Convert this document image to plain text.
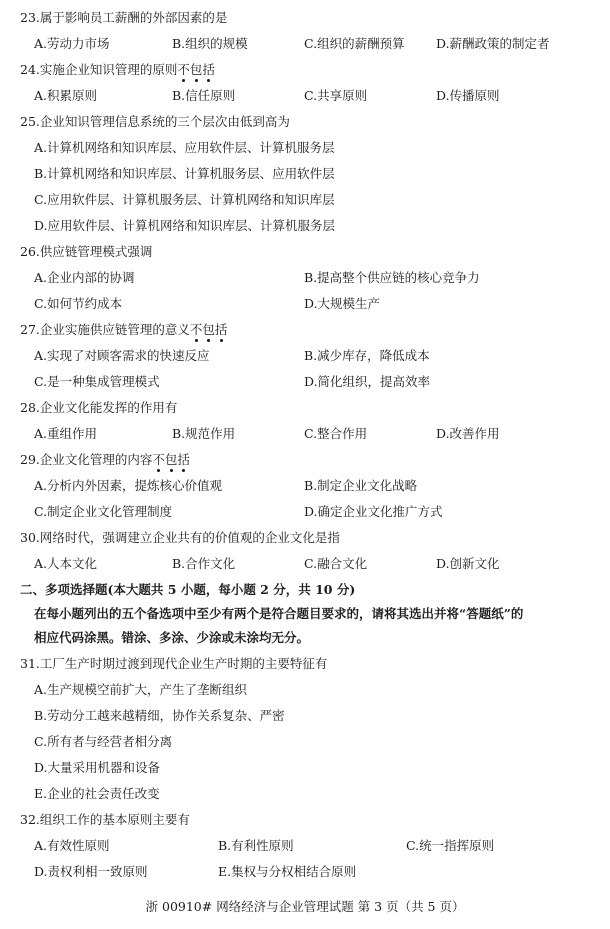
23.属于影响员工薪酬的外部因素的是
A.劳动力市场	B.组织的规模	C.组织的薪酬预算	D.薪酬政策的制定者
24.实施企业知识管理的原则不包括
A.积累原则	B.信任原则	C.共享原则	D.传播原则
25.企业知识管理信息系统的三个层次由低到高为
A.计算机网络和知识库层、应用软件层、计算机服务层
B.计算机网络和知识库层、计算机服务层、应用软件层
C.应用软件层、计算机服务层、计算机网络和知识库层
D.应用软件层、计算机网络和知识库层、计算机服务层
26.供应链管理模式强调
A.企业内部的协调	B.提高整个供应链的核心竞争力
C.如何节约成本	D.大规模生产
27.企业实施供应链管理的意义不包括
A.实现了对顾客需求的快速反应	B.减少库存，降低成本
C.是一种集成管理模式	D.简化组织，提高效率
28.企业文化能发挥的作用有
A.重组作用	B.规范作用	C.整合作用	D.改善作用
29.企业文化管理的内容不包括
A.分析内外因素，提炼核心价值观	B.制定企业文化战略
C.制定企业文化管理制度	D.确定企业文化推广方式
30.网络时代，强调建立企业共有的价值观的企业文化是指
A.人本文化	B.合作文化	C.融合文化	D.创新文化
二、多项选择题(本大题共 5 小题，每小题 2 分，共 10 分)
在每小题列出的五个备选项中至少有两个是符合题目要求的，请将其选出并将“答题纸”的
相应代码涂黑。错涂、多涂、少涂或未涂均无分。
31.工厂生产时期过渡到现代企业生产时期的主要特征有
A.生产规模空前扩大，产生了垄断组织
B.劳动分工越来越精细，协作关系复杂、严密
C.所有者与经营者相分离
D.大量采用机器和设备
E.企业的社会责任改变
32.组织工作的基本原则主要有
A.有效性原则	B.有利性原则	C.统一指挥原则
D.责权利相一致原则	E.集权与分权相结合原则
浙 00910# 网络经济与企业管理试题 第 3 页（共 5 页）
